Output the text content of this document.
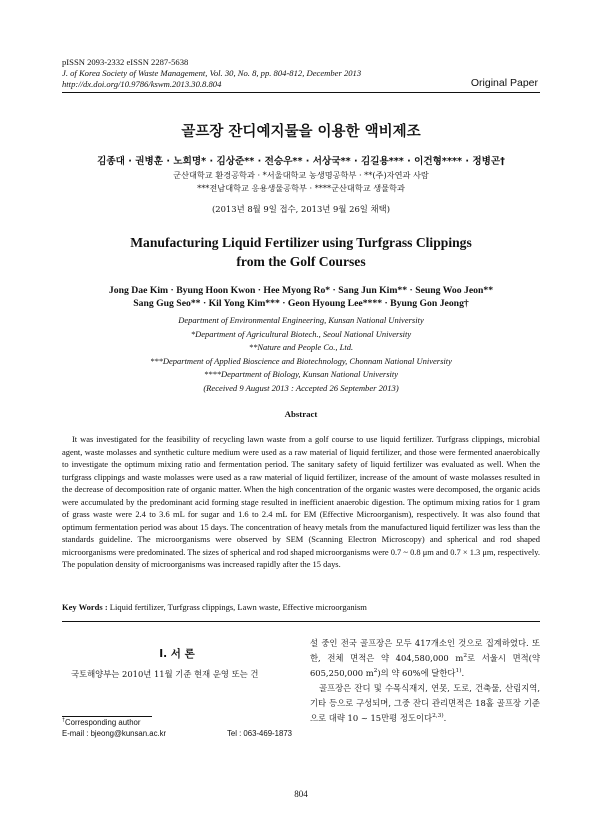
pISSN 2093-2332 eISSN 2287-5638
J. of Korea Society of Waste Management, Vol. 30, No. 8, pp. 804-812, December 2013
http://dx.doi.org/10.9786/kswm.2013.30.8.804	Original Paper
골프장 잔디예지물을 이용한 액비제조
김종대 · 권병훈 · 노희명* · 김상준** · 전승우** · 서상국** · 김길용*** · 이건형**** · 정병곤†
군산대학교 환경공학과 · *서울대학교 농생명공학부 · **(주)자연과 사람
***전남대학교 응용생물공학부 · ****군산대학교 생물학과
(2013년 8월 9일 접수, 2013년 9월 26일 채택)
Manufacturing Liquid Fertilizer using Turfgrass Clippings
from the Golf Courses
Jong Dae Kim · Byung Hoon Kwon · Hee Myong Ro* · Sang Jun Kim** · Seung Woo Jeon**
Sang Gug Seo** · Kil Yong Kim*** · Geon Hyoung Lee**** · Byung Gon Jeong†
Department of Environmental Engineering, Kunsan National University
*Department of Agricultural Biotech., Seoul National University
**Nature and People Co., Ltd.
***Department of Applied Bioscience and Biotechnology, Chonnam National University
****Department of Biology, Kunsan National University
(Received 9 August 2013 : Accepted 26 September 2013)
Abstract

It was investigated for the feasibility of recycling lawn waste from a golf course to use liquid fertilizer. Turfgrass clippings, microbial agent, waste molasses and synthetic culture medium were used as a raw material of liquid fertilizer, and those were fermented anaerobically to investigate the optimum mixing ratio and fermentation period. The sanitary safety of liquid fertilizer was evaluated as well. When the turfgrass clippings and waste molasses were used as a raw material of liquid fertilizer, increase of the amount of waste molasses resulted in the decrease of decomposition rate of organic matter. When the high concentration of the organic wastes were decomposed, the organic acids were accumulated by the predominant acid forming stage resulted in inefficient anaerobic digestion. The optimum mixing ratios for 1 gram of grass waste were 2.4 to 3.6 mL for sugar and 1.6 to 2.4 mL for EM (Effective Microorganism), respectively. It was also found that optimum fermentation period was about 15 days. The concentration of heavy metals from the manufactured liquid fertilizer was less than the standards guideline. The microorganisms were observed by SEM (Scanning Electron Microscopy) and spherical and rod shaped microorganisms were predominated. The sizes of spherical and rod shaped microorganisms were 0.7 ~ 0.8 μm and 0.7 × 1.3 μm, respectively. The population density of microorganisms was increased rapidly after the 15 days.

Key Words : Liquid fertilizer, Turfgrass clippings, Lawn waste, Effective microorganism
I. 서 론

국토해양부는 2010년 11월 기준 현재 운영 또는 건

설 중인 전국 골프장은 모두 417개소인 것으로 집계하였다. 또한, 전체 면적은 약 404,580,000 $m^2$로 서울시 면적(약 605,250,000 $m^2$)의 약 60%에 달한다$^{1)}$.

골프장은 잔디 및 수목식재지, 연못, 도로, 건축물, 산림지역, 기타 등으로 구성되며, 그중 잔디 관리면적은 18홀 골프장 기준으로 대략 10 ~ 15만평 정도이다$^{2,3)}$.

†Corresponding author
E-mail : bjeong@kunsan.ac.kr	Tel : 063-469-1873
804
